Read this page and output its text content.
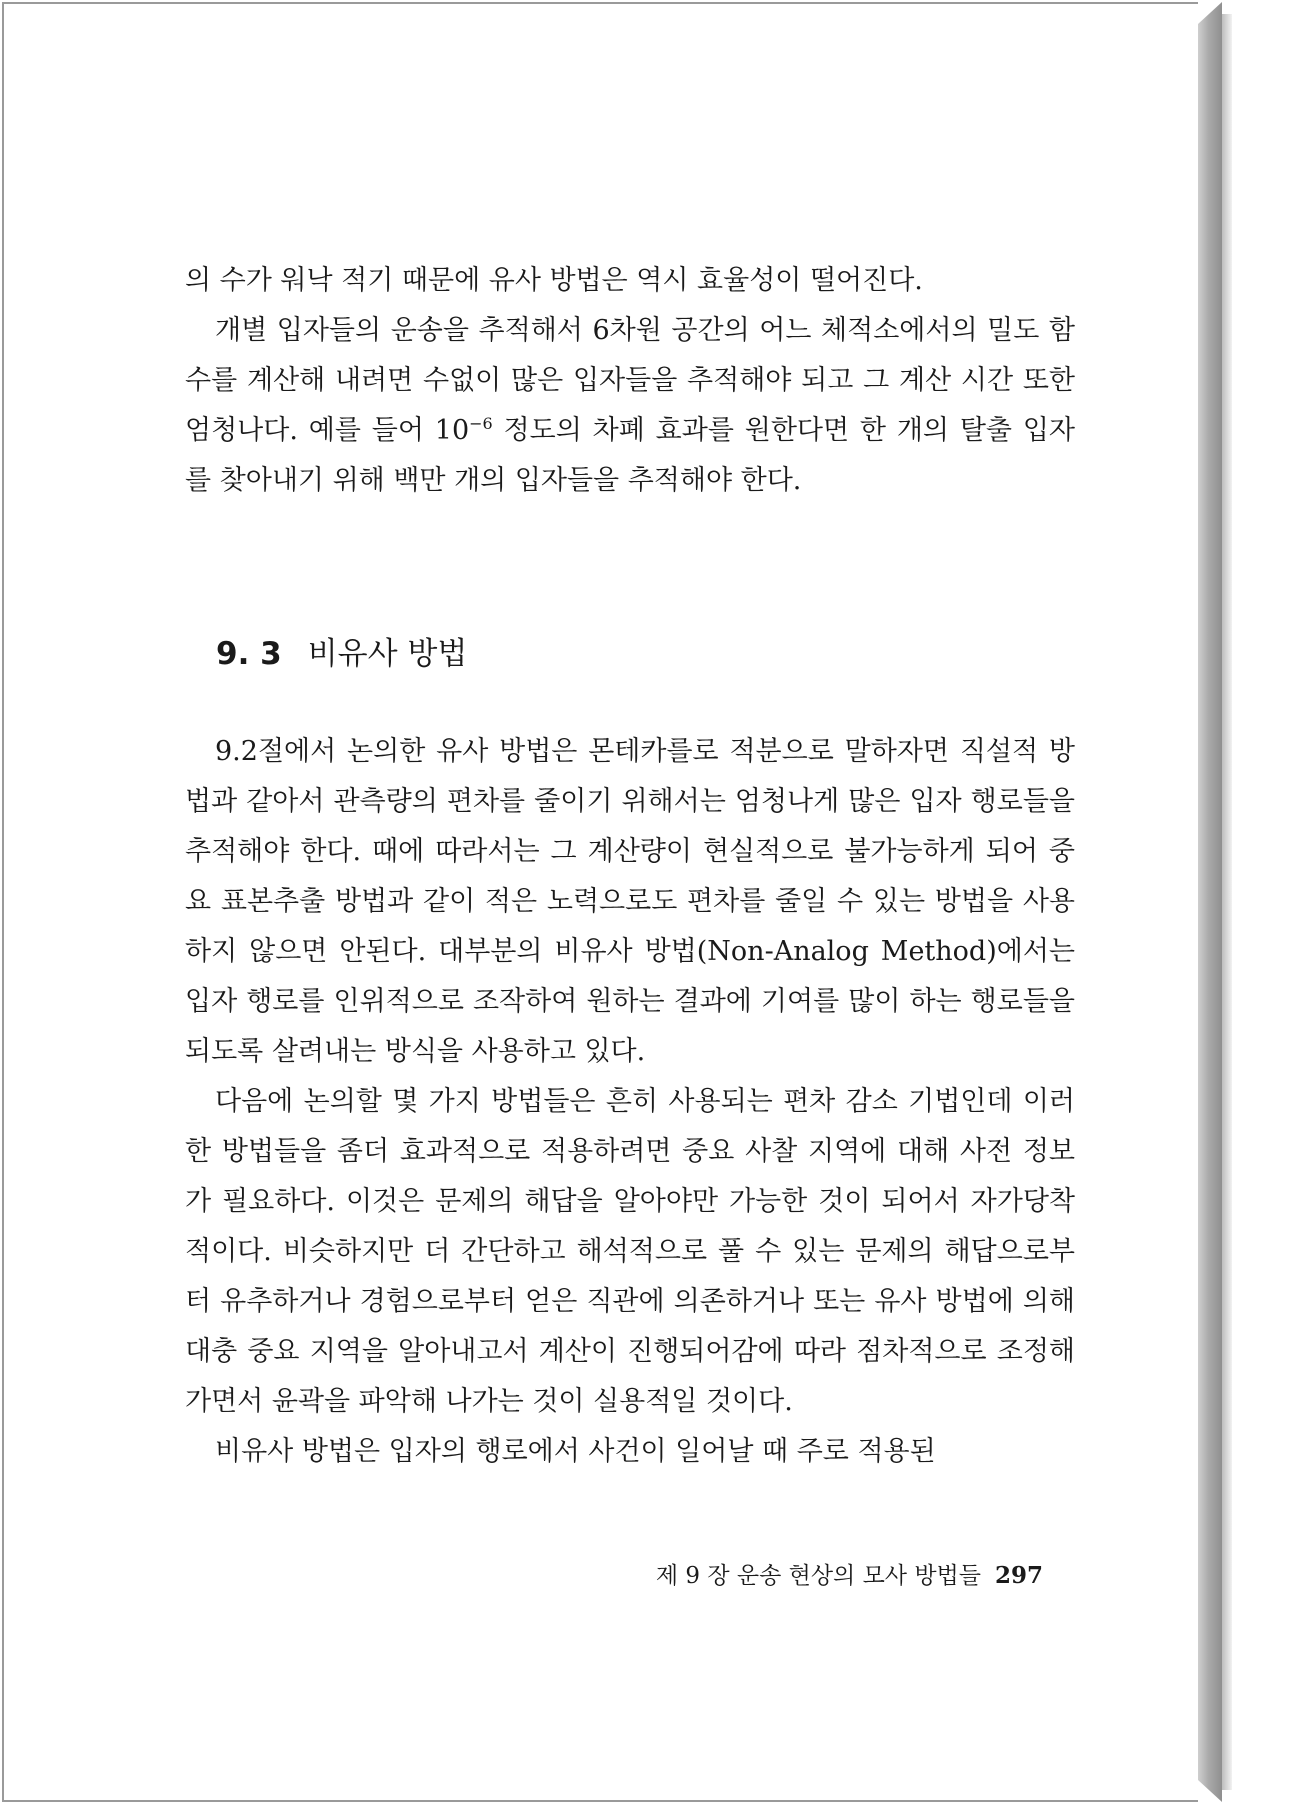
의 수가 워낙 적기 때문에 유사 방법은 역시 효율성이 떨어진다.

개별 입자들의 운송을 추적해서 6차원 공간의 어느 체적소에서의 밀도 함수를 계산해 내려면 수없이 많은 입자들을 추적해야 되고 그 계산 시간 또한 엄청나다. 예를 들어 $10^{-6}$ 정도의 차폐 효과를 원한다면 한 개의 탈출 입자를 찾아내기 위해 백만 개의 입자들을 추적해야 한다.

9. 3 비유사 방법

9.2절에서 논의한 유사 방법은 몬테카를로 적분으로 말하자면 직설적 방법과 같아서 관측량의 편차를 줄이기 위해서는 엄청나게 많은 입자 행로들을 추적해야 한다. 때에 따라서는 그 계산량이 현실적으로 불가능하게 되어 중요 표본추출 방법과 같이 적은 노력으로도 편차를 줄일 수 있는 방법을 사용하지 않으면 안된다. 대부분의 비유사 방법(Non-Analog Method)에서는 입자 행로를 인위적으로 조작하여 원하는 결과에 기여를 많이 하는 행로들을 되도록 살려내는 방식을 사용하고 있다.

다음에 논의할 몇 가지 방법들은 흔히 사용되는 편차 감소 기법인데 이러한 방법들을 좀더 효과적으로 적용하려면 중요 사찰 지역에 대해 사전 정보가 필요하다. 이것은 문제의 해답을 알아야만 가능한 것이 되어서 자가당착적이다. 비슷하지만 더 간단하고 해석적으로 풀 수 있는 문제의 해답으로부터 유추하거나 경험으로부터 얻은 직관에 의존하거나 또는 유사 방법에 의해 대충 중요 지역을 알아내고서 계산이 진행되어감에 따라 점차적으로 조정해 가면서 윤곽을 파악해 나가는 것이 실용적일 것이다.

비유사 방법은 입자의 행로에서 사건이 일어날 때 주로 적용된

제 9 장 운송 현상의 모사 방법들 297
